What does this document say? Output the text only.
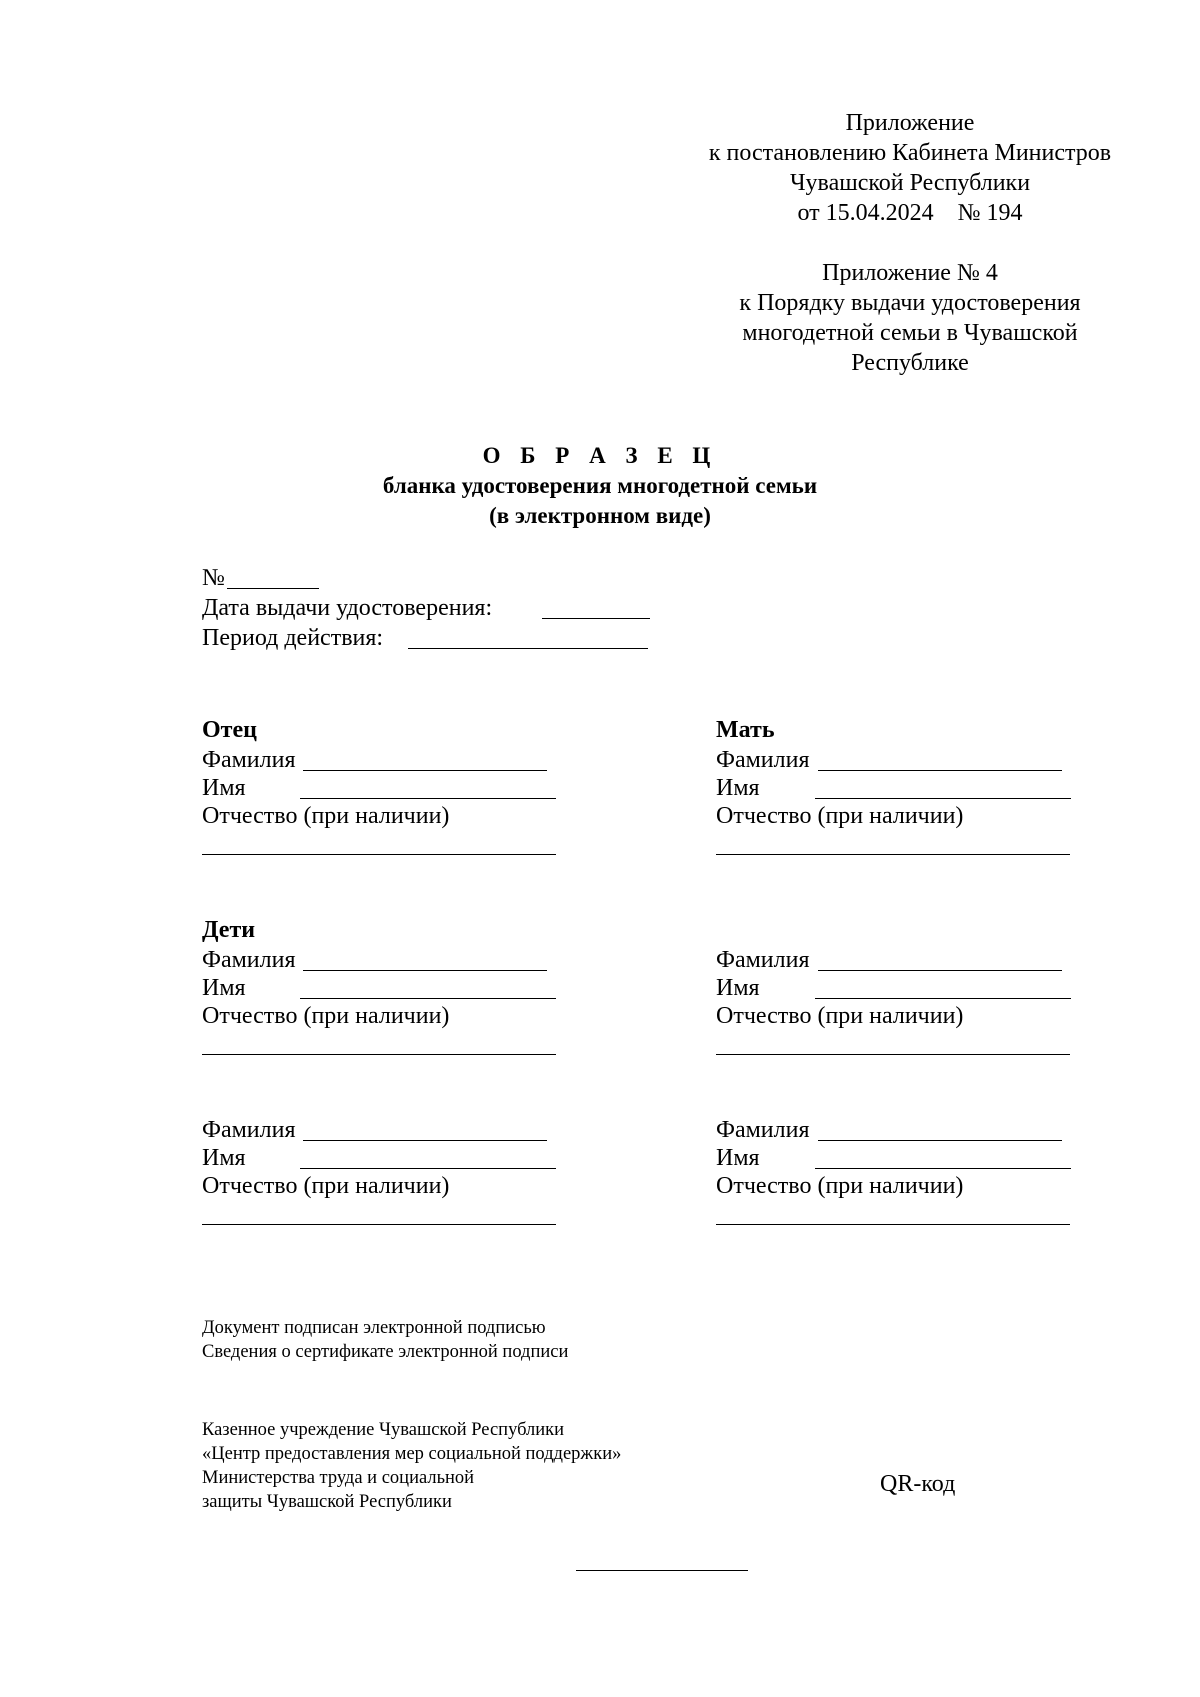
Приложение
к постановлению Кабинета Министров
Чувашской Республики
от 15.04.2024    № 194
Приложение № 4
к Порядку выдачи удостоверения
многодетной семьи в Чувашской
Республике
О Б Р А З Е Ц
бланка удостоверения многодетной семьи
(в электронном виде)
№
Дата выдачи удостоверения:
Период действия:
Отец
Фамилия
Имя
Отчество (при наличии)
Мать
Фамилия
Имя
Отчество (при наличии)
Дети
Фамилия
Имя
Отчество (при наличии)
Фамилия
Имя
Отчество (при наличии)
Фамилия
Имя
Отчество (при наличии)
Фамилия
Имя
Отчество (при наличии)
Документ подписан электронной подписью
Сведения о сертификате электронной подписи
Казенное учреждение Чувашской Республики
«Центр предоставления мер социальной поддержки»
Министерства труда и социальной
защиты Чувашской Республики
QR-код
